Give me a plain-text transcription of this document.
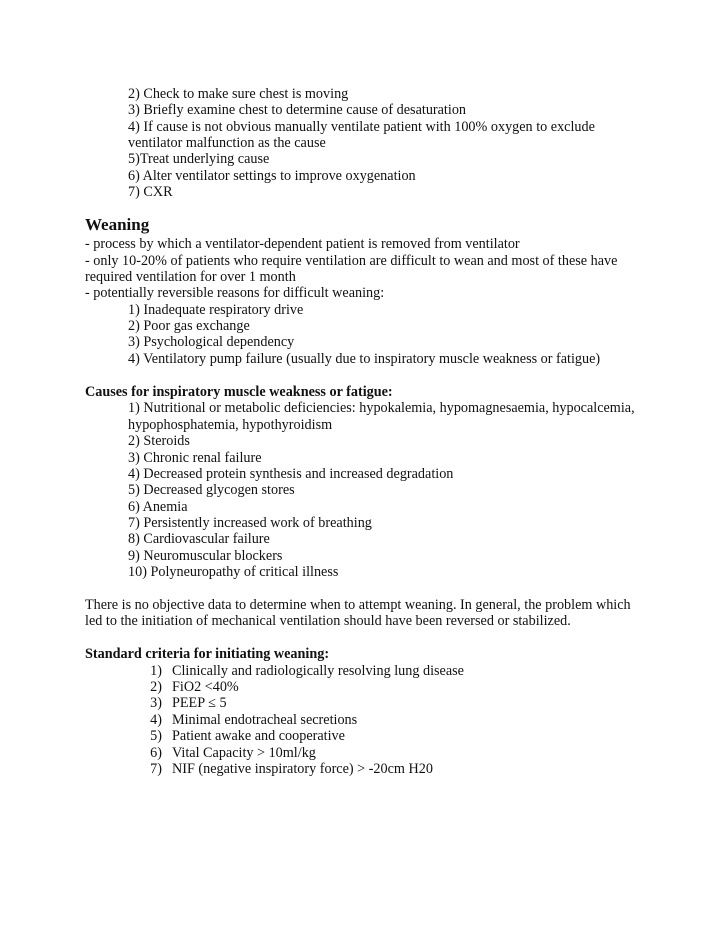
2) Check to make sure chest is moving
3) Briefly examine chest to determine cause of desaturation
4) If cause is not obvious manually ventilate patient with 100% oxygen to exclude
ventilator malfunction as the cause
5)Treat underlying cause
6) Alter ventilator settings to improve oxygenation
7) CXR
Weaning
- process by which a ventilator-dependent patient is removed from ventilator
- only 10-20% of patients who require ventilation are difficult to wean and most of these have
required ventilation for over 1 month
- potentially reversible reasons for difficult weaning:
1) Inadequate respiratory drive
2) Poor gas exchange
3) Psychological dependency
4) Ventilatory pump failure (usually due to inspiratory muscle weakness or fatigue)
Causes for inspiratory muscle weakness or fatigue:
1) Nutritional or metabolic deficiencies: hypokalemia, hypomagnesaemia, hypocalcemia,
hypophosphatemia, hypothyroidism
2) Steroids
3) Chronic renal failure
4) Decreased protein synthesis and increased degradation
5) Decreased glycogen stores
6) Anemia
7) Persistently increased work of breathing
8) Cardiovascular failure
9) Neuromuscular blockers
10) Polyneuropathy of critical illness
There is no objective data to determine when to attempt weaning. In general, the problem which
led to the initiation of mechanical ventilation should have been reversed or stabilized.
Standard criteria for initiating weaning:
1) Clinically and radiologically resolving lung disease
2) FiO2 <40%
3) PEEP ≤ 5
4) Minimal endotracheal secretions
5) Patient awake and cooperative
6) Vital Capacity > 10ml/kg
7) NIF (negative inspiratory force) > -20cm H20
